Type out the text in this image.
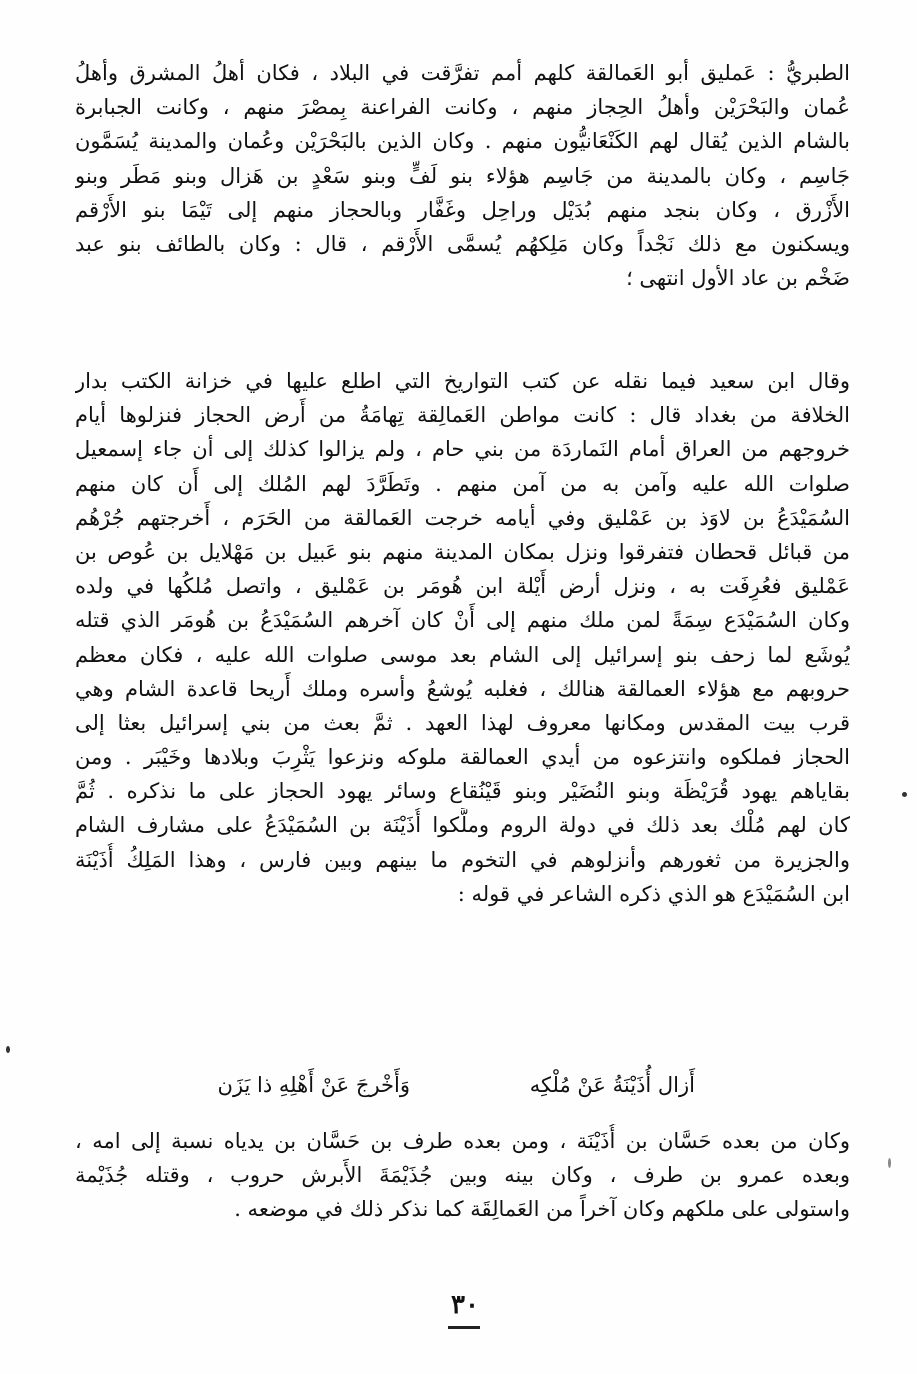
الطبريُّ : عَمليق أبو العَمالقة كلهم أمم تفرَّقت في البلاد ، فكان أهلُ المشرق وأهلُ
عُمان والبَحْرَيْن وأهلُ الحِجاز منهم ، وكانت الفراعنة بِمصْرَ منهم ، وكانت الجبابرة
بالشام الذين يُقال لهم الكَنْعَانيُّون منهم . وكان الذين بالبَحْرَيْن وعُمان والمدينة يُسَمَّون
جَاسِم ، وكان بالمدينة من جَاسِم هؤلاء بنو لَفٍّ وبنو سَعْدٍ بن هَزال وبنو مَطَر وبنو
الأَزْرق ، وكان بنجد منهم بُدَيْل وراحِل وغَفَّار وبالحجاز منهم إلى تَيْمَا بنو الأَرْقم
ويسكنون مع ذلك نَجْداً وكان مَلِكهُم يُسمَّى الأَرْقم ، قال : وكان بالطائف بنو عبد
ضَخْم بن عاد الأول انتهى ؛
وقال ابن سعيد فيما نقله عن كتب التواريخ التي اطلع عليها في خزانة الكتب بدار
الخلافة من بغداد قال : كانت مواطن العَمالِقة تِهامَةُ من أَرض الحجاز فنزلوها أيام
خروجهم من العراق أمام النَماردَة من بني حام ، ولم يزالوا كذلك إلى أن جاء إسمعيل
صلوات الله عليه وآمن به من آمن منهم . وتَطَرَّدَ لهم المُلك إلى أَن كان منهم
السُمَيْدَعُ بن لاوَذ بن عَمْليق وفي أيامه خرجت العَمالقة من الحَرَم ، أَخرجتهم جُرْهُم
من قبائل قحطان فتفرقوا ونزل بمكان المدينة منهم بنو عَبيل بن مَهْلايل بن عُوص بن
عَمْليق فعُرِفَت به ، ونزل أرض أَيْلة ابن هُومَر بن عَمْليق ، واتصل مُلكُها في ولده
وكان السُمَيْدَع سِمَةً لمن ملك منهم إلى أَنْ كان آخرهم السُمَيْدَعُ بن هُومَر الذي قتله
يُوشَع لما زحف بنو إسرائيل إلى الشام بعد موسى صلوات الله عليه ، فكان معظم
حروبهم مع هؤلاء العمالقة هنالك ، فغلبه يُوشعُ وأسره وملك أَريحا قاعدة الشام وهي
قرب بيت المقدس ومكانها معروف لهذا العهد . ثمَّ بعث من بني إسرائيل بعثا إلى
الحجاز فملكوه وانتزعوه من أيدي العمالقة ملوكه ونزعوا يَثْرِبَ وبلادها وخَيْبَر . ومن
بقاياهم يهود قُرَيْظَة وبنو النُضَيْر وبنو قَيْنُقاع وسائر يهود الحجاز على ما نذكره . ثُمَّ
كان لهم مُلْك بعد ذلك في دولة الروم وملَّكوا أُذَيْنَة بن السُمَيْدَعُ على مشارف الشام
والجزيرة من ثغورهم وأنزلوهم في التخوم ما بينهم وبين فارس ، وهذا المَلِكُ أُذَيْنَة
ابن السُمَيْدَع هو الذي ذكره الشاعر في قوله :
أَزال أُذَيْنَةُ عَنْ مُلْكِه
وَأَخْرجَ عَنْ أَهْلِهِ ذا يَزَن
وكان من بعده حَسَّان بن أُذَيْنَة ، ومن بعده طرف بن حَسَّان بن يدياه نسبة إلى امه ،
وبعده عمرو بن طرف ، وكان بينه وبين جُذَيْمَةَ الأَبرش حروب ، وقتله جُذَيْمة
واستولى على ملكهم وكان آخراً من العَمالِقَة كما نذكر ذلك في موضعه .
٣٠
